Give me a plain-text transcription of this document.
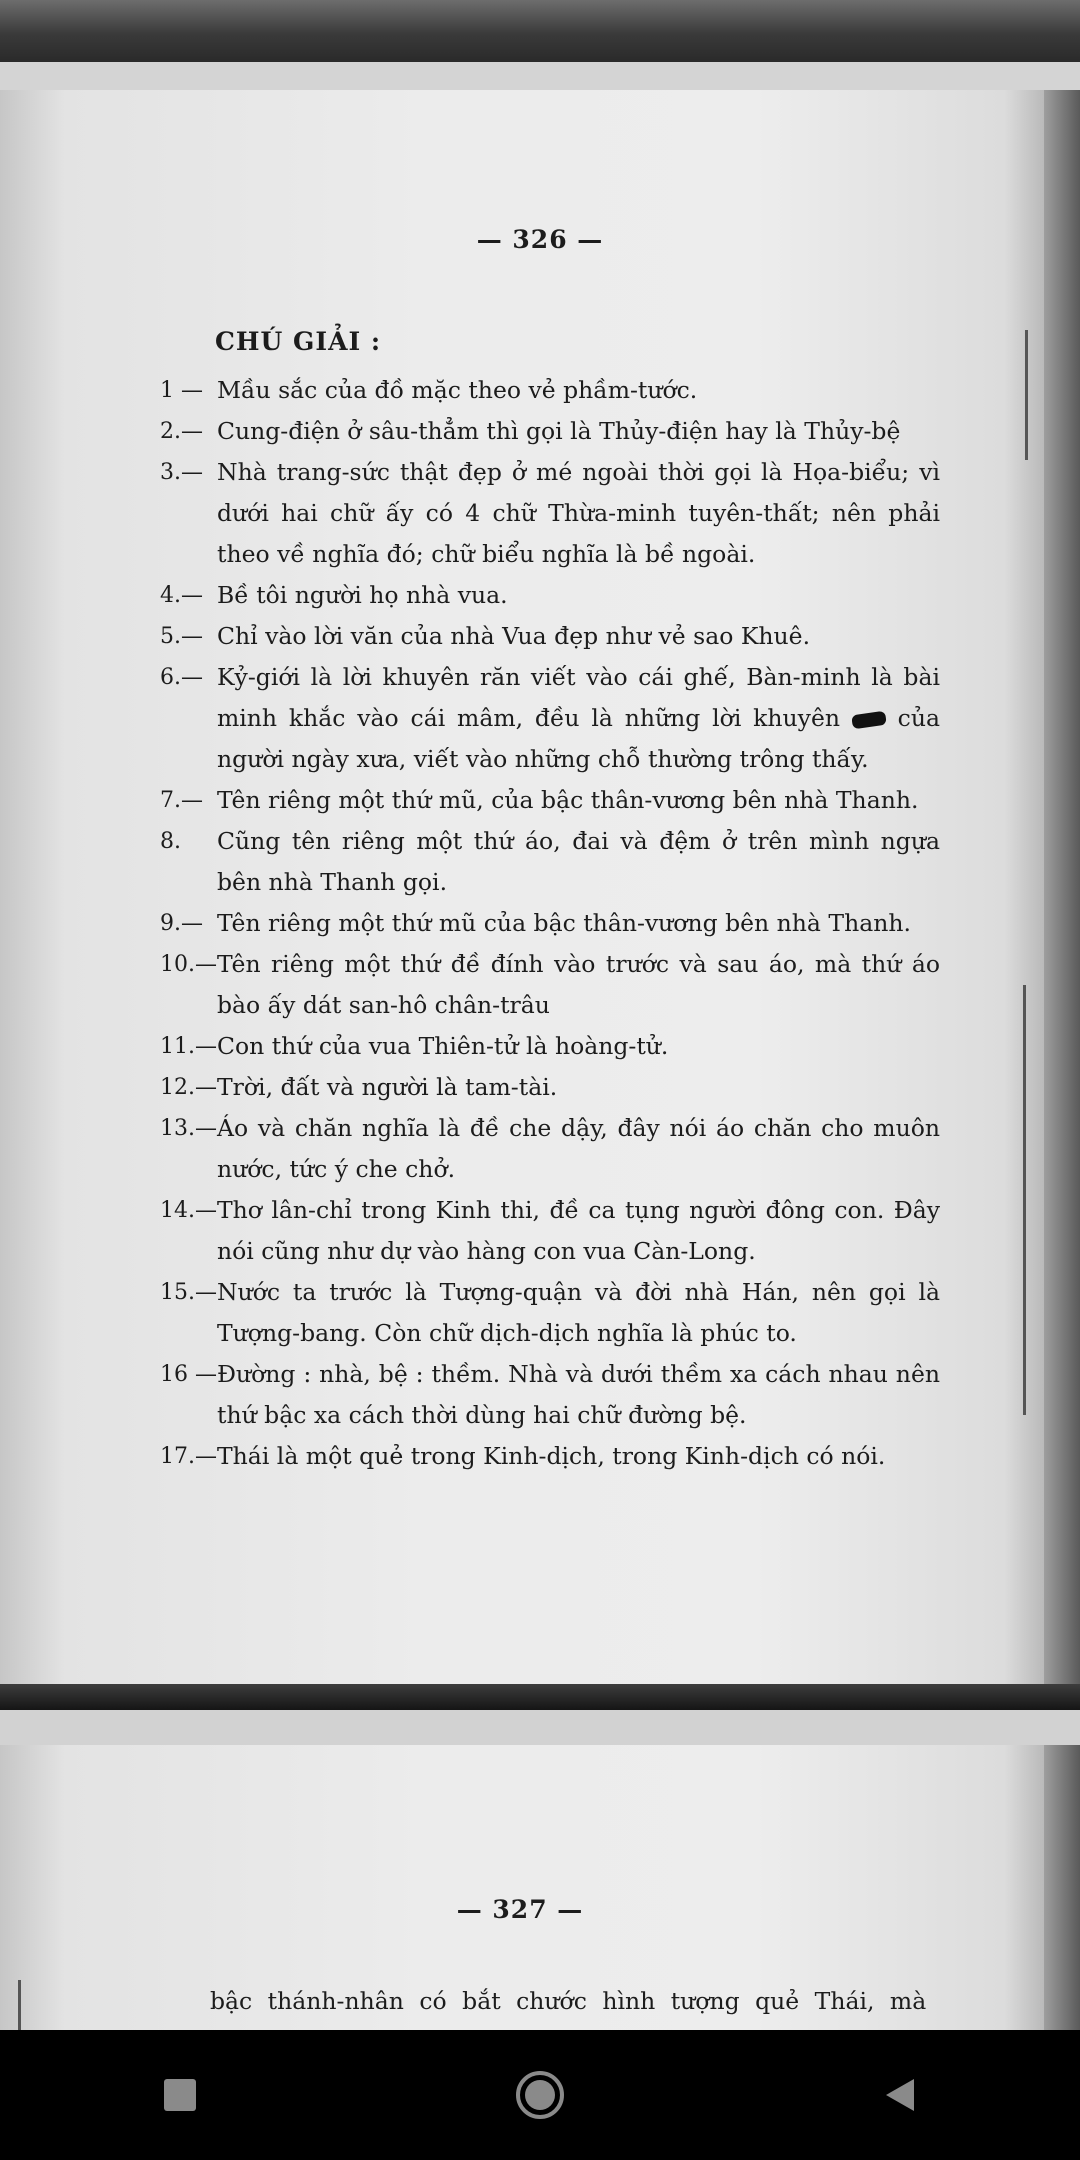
— 326 —
CHÚ GIẢI :
1 — Mầu sắc của đồ mặc theo vẻ phầm-tước.
2.— Cung-điện ở sâu-thẳm thì gọi là Thủy-điện hay là Thủy-bệ
3.— Nhà trang-sức thật đẹp ở mé ngoài thời gọi là Họa-biểu; vì dưới hai chữ ấy có 4 chữ Thừa-minh tuyên-thất; nên phải theo về nghĩa đó; chữ biểu nghĩa là bề ngoài.
4.— Bề tôi người họ nhà vua.
5.— Chỉ vào lời văn của nhà Vua đẹp như vẻ sao Khuê.
6.— Kỷ-giới là lời khuyên răn viết vào cái ghế, Bàn-minh là bài minh khắc vào cái mâm, đều là những lời khuyên của người ngày xưa, viết vào những chỗ thường trông thấy.
7.— Tên riêng một thứ mũ, của bậc thân-vương bên nhà Thanh.
8.	Cũng tên riêng một thứ áo, đai và đệm ở trên mình ngựa bên nhà Thanh gọi.
9.— Tên riêng một thứ mũ của bậc thân-vương bên nhà Thanh.
10.— Tên riêng một thứ đề đính vào trước và sau áo, mà thứ áo bào ấy dát san-hô chân-trâu
11.— Con thứ của vua Thiên-tử là hoàng-tử.
12.— Trời, đất và người là tam-tài.
13.— Áo và chăn nghĩa là đề che dậy, đây nói áo chăn cho muôn nước, tức ý che chở.
14.— Thơ lân-chỉ trong Kinh thi, đề ca tụng người đông con. Đây nói cũng như dự vào hàng con vua Càn-Long.
15.— Nước ta trước là Tượng-quận và đời nhà Hán, nên gọi là Tượng-bang. Còn chữ dịch-dịch nghĩa là phúc to.
16 — Đường : nhà, bệ : thềm. Nhà và dưới thềm xa cách nhau nên thứ bậc xa cách thời dùng hai chữ đường bệ.
17.— Thái là một quẻ trong Kinh-dịch, trong Kinh-dịch có nói.
— 327 —
bậc thánh-nhân có bắt chước hình tượng quẻ Thái, mà
